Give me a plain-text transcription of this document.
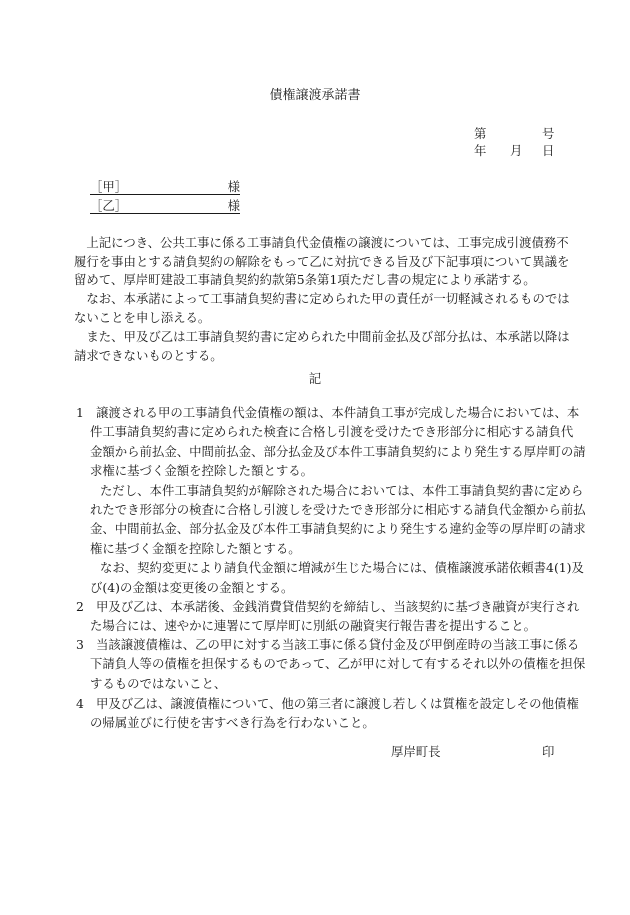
債権譲渡承諾書
第	号
年 月 日
［甲］	様
［乙］	様
　上記につき、公共工事に係る工事請負代金債権の譲渡については、工事完成引渡債務不
履行を事由とする請負契約の解除をもって乙に対抗できる旨及び下記事項について異議を
留めて、厚岸町建設工事請負契約約款第5条第1項ただし書の規定により承諾する。
　なお、本承諾によって工事請負契約書に定められた甲の責任が一切軽減されるものでは
ないことを申し添える。
　また、甲及び乙は工事請負契約書に定められた中間前金払及び部分払は、本承諾以降は
請求できないものとする。
記
1 譲渡される甲の工事請負代金債権の額は、本件請負工事が完成した場合においては、本
件工事請負契約書に定められた検査に合格し引渡を受けたでき形部分に相応する請負代
金額から前払金、中間前払金、部分払金及び本件工事請負契約により発生する厚岸町の請
求権に基づく金額を控除した額とする。
ただし、本件工事請負契約が解除された場合においては、本件工事請負契約書に定めら
れたでき形部分の検査に合格し引渡しを受けたでき形部分に相応する請負代金額から前払
金、中間前払金、部分払金及び本件工事請負契約により発生する違約金等の厚岸町の請求
権に基づく金額を控除した額とする。
なお、契約変更により請負代金額に増減が生じた場合には、債権譲渡承諾依頼書4(1)及
び(4)の金額は変更後の金額とする。
2 甲及び乙は、本承諾後、金銭消費貸借契約を締結し、当該契約に基づき融資が実行され
た場合には、速やかに連署にて厚岸町に別紙の融資実行報告書を提出すること。
3 当該譲渡債権は、乙の甲に対する当該工事に係る貸付金及び甲倒産時の当該工事に係る
下請負人等の債権を担保するものであって、乙が甲に対して有するそれ以外の債権を担保
するものではないこと、
4 甲及び乙は、譲渡債権について、他の第三者に譲渡し若しくは質権を設定しその他債権
の帰属並びに行使を害すべき行為を行わないこと。
厚岸町長	印
